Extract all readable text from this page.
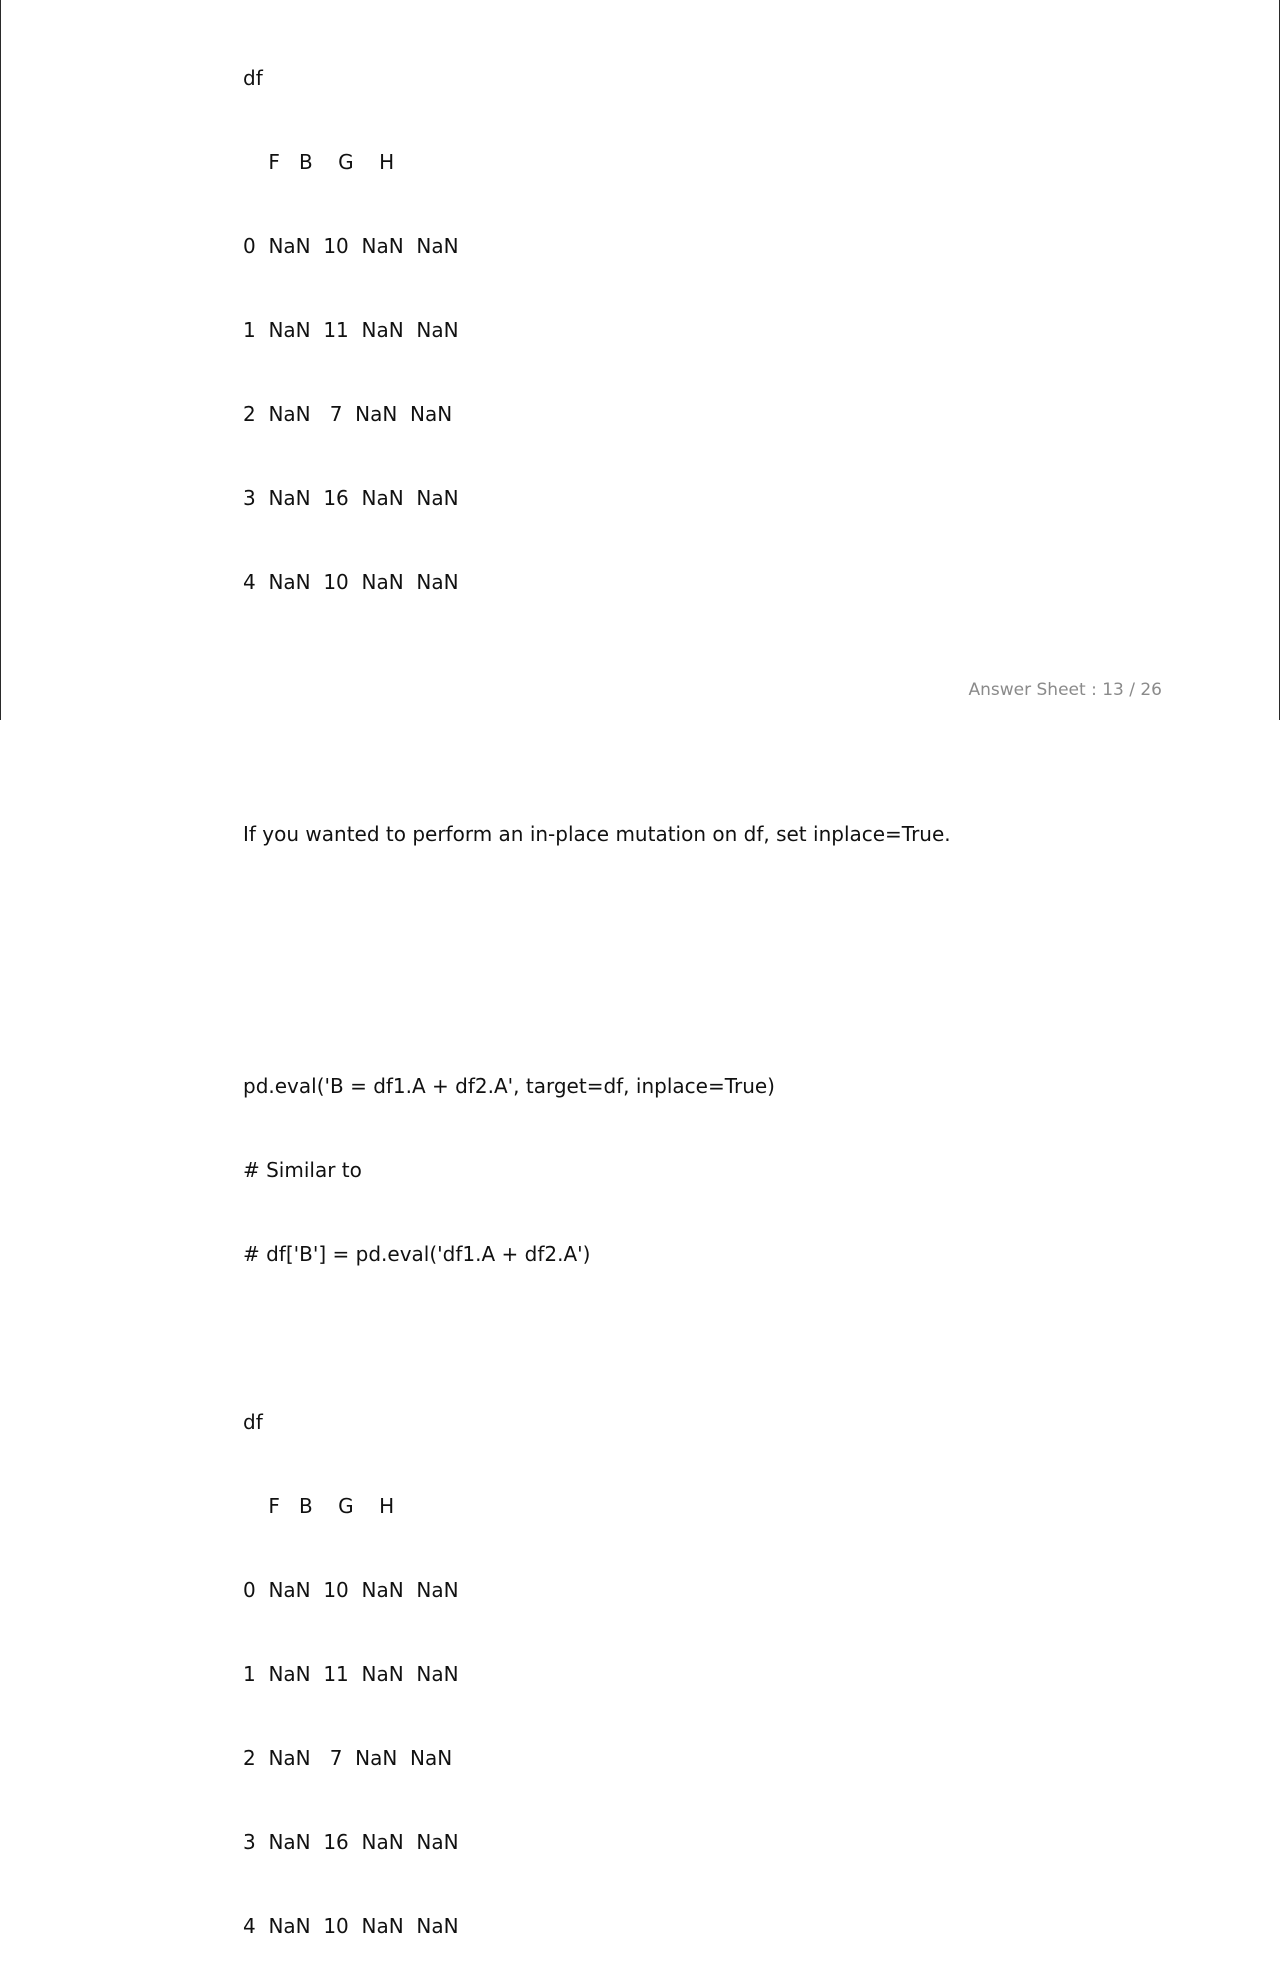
df

F   B    G    H

0  NaN  10  NaN  NaN

1  NaN  11  NaN  NaN

2  NaN   7  NaN  NaN

3  NaN  16  NaN  NaN

4  NaN  10  NaN  NaN

If you wanted to perform an in-place mutation on df, set inplace=True.

pd.eval('B = df1.A + df2.A', target=df, inplace=True)

# Similar to

# df['B'] = pd.eval('df1.A + df2.A')

df

F   B    G    H

0  NaN  10  NaN  NaN

1  NaN  11  NaN  NaN

2  NaN   7  NaN  NaN

3  NaN  16  NaN  NaN

4  NaN  10  NaN  NaN

Answer Sheet : 13 / 26
